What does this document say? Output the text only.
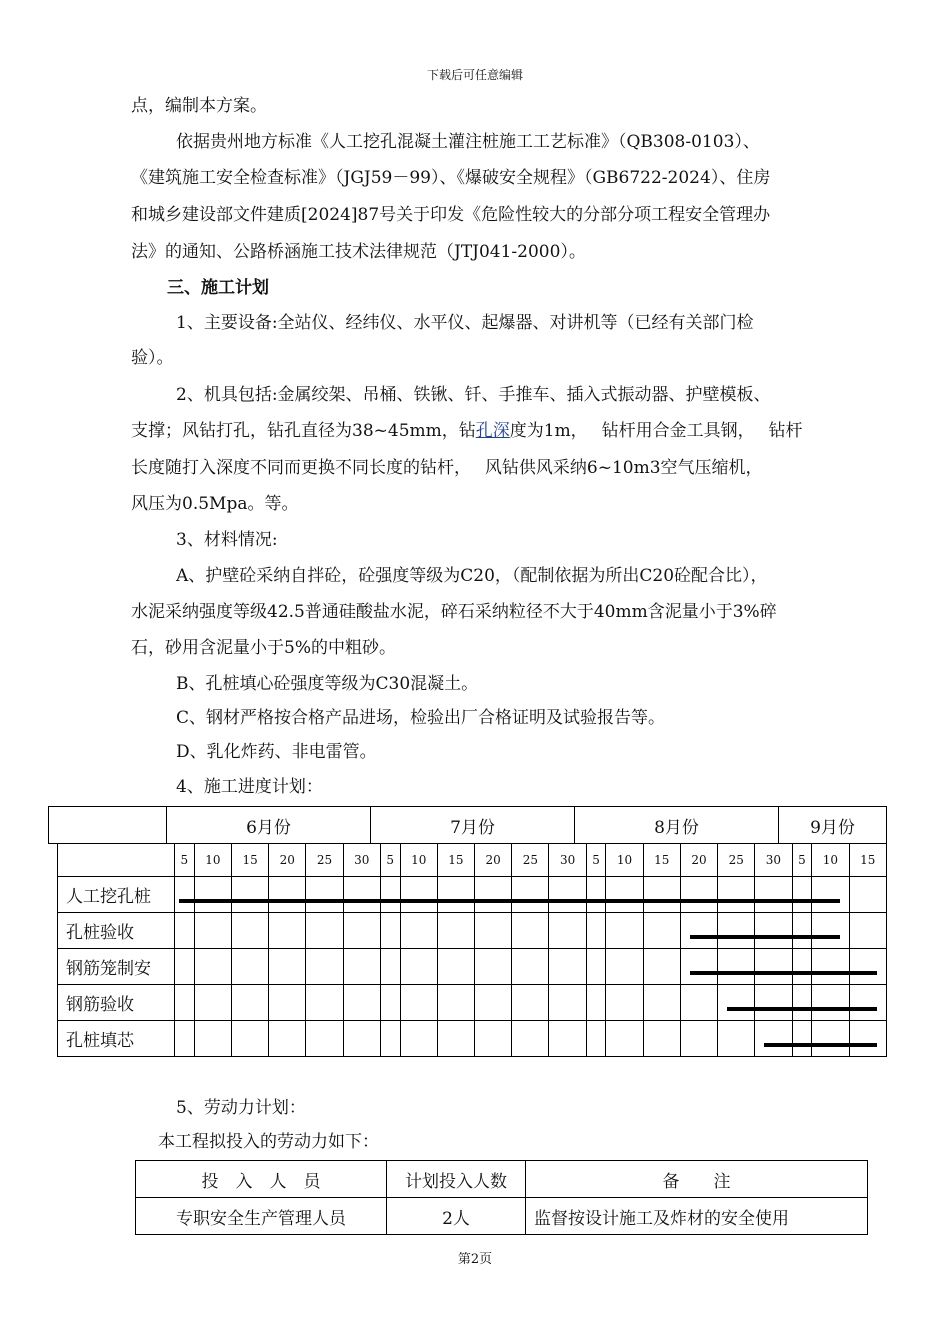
下载后可任意编辑
点，编制本方案。
依据贵州地方标准《人工挖孔混凝土灌注桩施工工艺标准》（QB308-0103）、
《建筑施工安全检查标准》（JGJ59－99）、《爆破安全规程》（GB6722-2024）、住房
和城乡建设部文件建质[2024]87号关于印发《危险性较大的分部分项工程安全管理办
法》的通知、公路桥涵施工技术法律规范（JTJ041-2000）。
三、施工计划
1、主要设备:全站仪、经纬仪、水平仪、起爆器、对讲机等（已经有关部门检
验）。
2、机具包括:金属绞架、吊桶、铁锹、钎、手推车、插入式振动器、护壁模板、
支撑；风钻打孔，钻孔直径为38~45mm，钻孔深度为1m，　 钻杆用合金工具钢，　 钻杆
长度随打入深度不同而更换不同长度的钻杆，　 风钻供风采纳6~10m3空气压缩机，
风压为0.5Mpa。等。
3、材料情况:
A、护壁砼采纳自拌砼，砼强度等级为C20，（配制依据为所出C20砼配合比），
水泥采纳强度等级42.5普通硅酸盐水泥，碎石采纳粒径不大于40mm含泥量小于3%碎
石，砂用含泥量小于5%的中粗砂。
B、孔桩填心砼强度等级为C30混凝土。
C、钢材严格按合格产品进场，检验出厂合格证明及试验报告等。
D、乳化炸药、非电雷管。
4、施工进度计划：
	6月份	7月份	8月份	9月份
	5	10	15	20	25	30	5	10	15	20	25	30	5	10	15	20	25	30	5	10	15
人工挖孔桩																					
孔桩验收																					
钢筋笼制安																					
钢筋验收																					
孔桩填芯																					
5、劳动力计划：
本工程拟投入的劳动力如下：
投　入　人　员	计划投入人数	备　　注
专职安全生产管理人员	2人	监督按设计施工及炸材的安全使用
第2页
